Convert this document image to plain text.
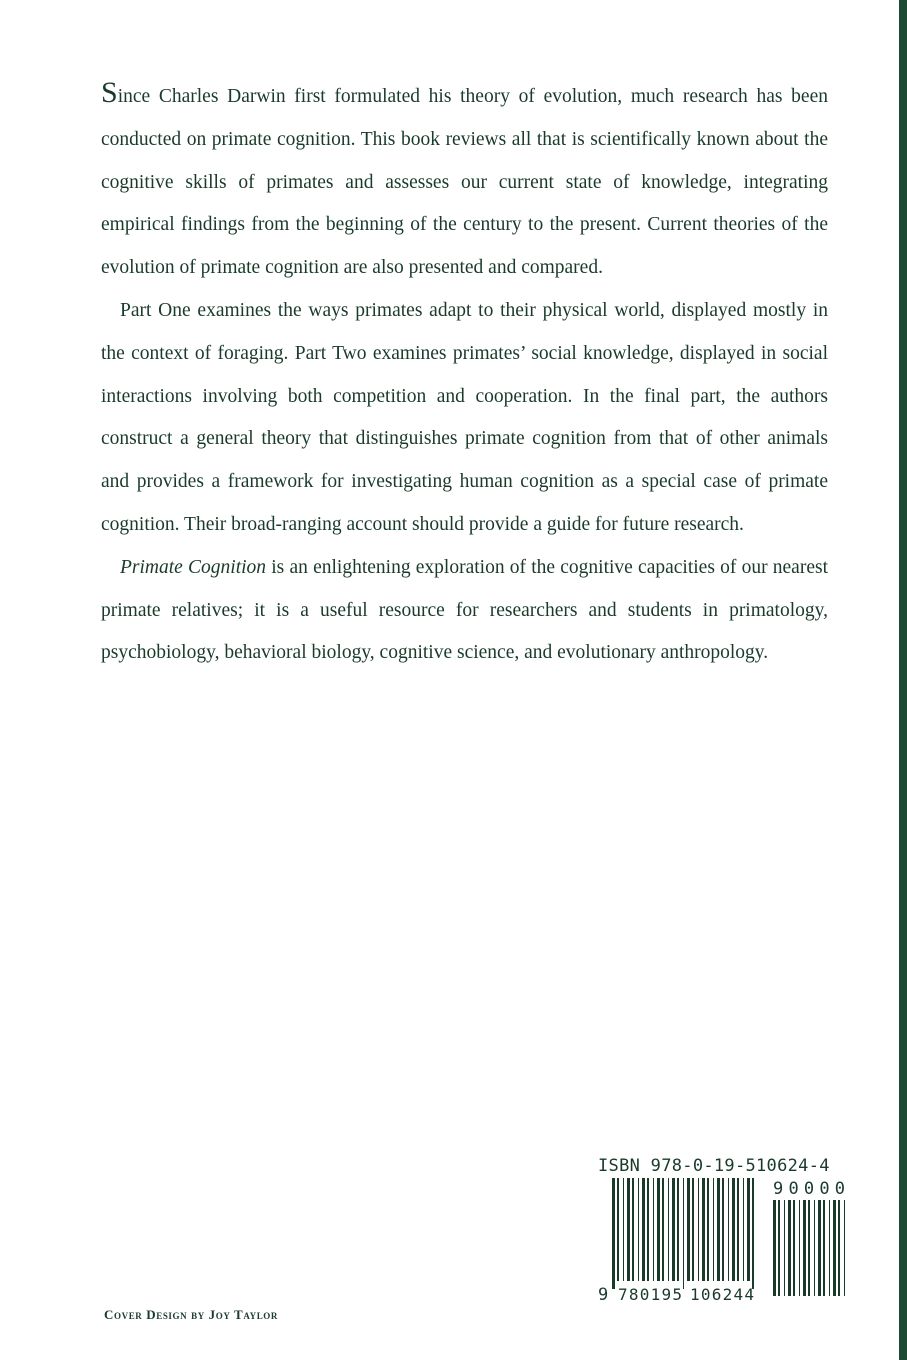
Since Charles Darwin first formulated his theory of evolution, much research has been conducted on primate cognition. This book reviews all that is scientifically known about the cognitive skills of primates and assesses our current state of knowledge, integrating empirical findings from the beginning of the century to the present. Current theories of the evolution of primate cognition are also presented and compared.

Part One examines the ways primates adapt to their physical world, displayed mostly in the context of foraging. Part Two examines primates’ social knowledge, displayed in social interactions involving both competition and cooperation. In the final part, the authors construct a general theory that distinguishes primate cognition from that of other animals and provides a framework for investigating human cognition as a special case of primate cognition. Their broad-ranging account should provide a guide for future research.

Primate Cognition is an enlightening exploration of the cognitive capacities of our nearest primate relatives; it is a useful resource for researchers and students in primatology, psychobiology, behavioral biology, cognitive science, and evolutionary anthropology.

ISBN 978-0-19-510624-4
9 780195 106244
90000
Cover Design by Joy Taylor
